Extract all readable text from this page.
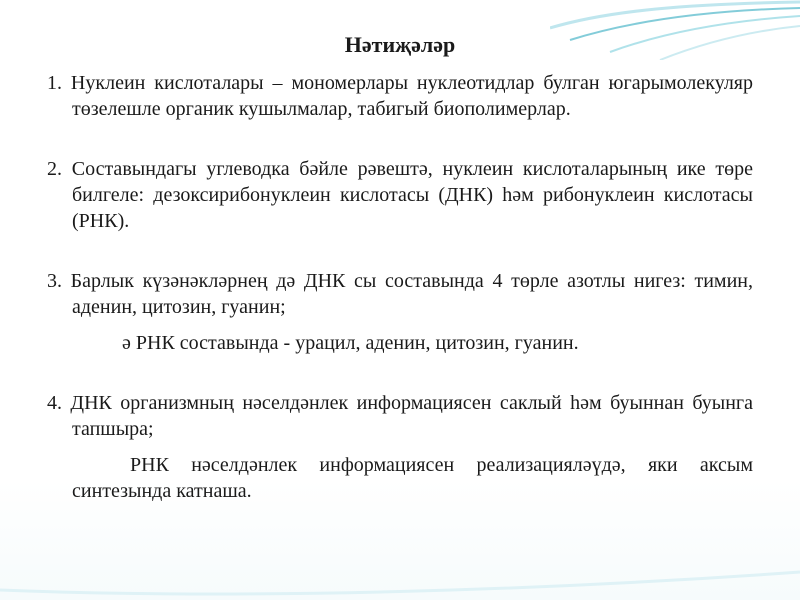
Нәтиҗәләр

1. Нуклеин кислоталары – мономерлары нуклеотидлар булган югарымолекуляр төзелешле органик кушылмалар, табигый биополимерлар.

2. Составындагы углеводка бәйле рәвештә, нуклеин кислоталарының ике төре билгеле: дезоксирибонуклеин кислотасы (ДНК) һәм рибонуклеин кислотасы (РНК).

3. Барлык күзәнәкләрнең дә ДНК сы составында 4 төрле азотлы нигез: тимин, аденин, цитозин, гуанин;

ә РНК составында - урацил, аденин, цитозин, гуанин.

4. ДНК организмның нәселдәнлек информациясен саклый һәм буыннан буынга тапшыра;

РНК нәселдәнлек информациясен реализацияләүдә, яки аксым синтезында катнаша.
